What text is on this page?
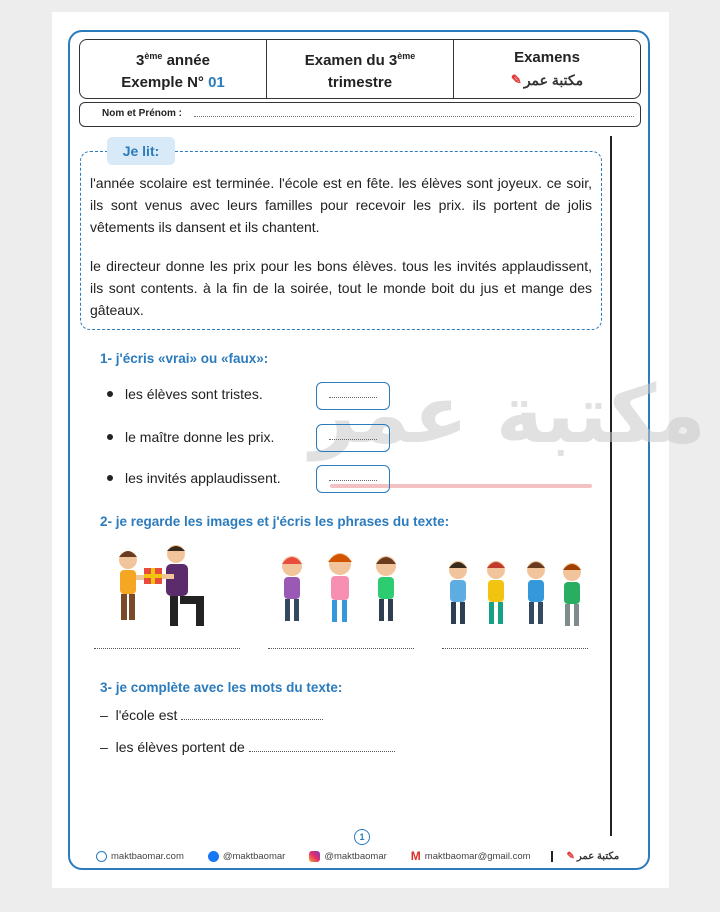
3ème année
Exemple N° 01
Examen du 3ème
trimestre
Examens
✎ مكتبة عمر
Nom et Prénom :
Je lit:
l'année scolaire est terminée. l'école est en fête. les élèves sont joyeux. ce soir, ils sont venus avec leurs familles pour recevoir les prix. ils portent de jolis vêtements ils dansent et ils chantent.
le directeur donne les prix pour les bons élèves. tous les invités applaudissent, ils sont contents. à la fin de la soirée, tout le monde boit du jus et mange des gâteaux.
مكتبة عمر
1- j'écris «vrai» ou «faux»:
les élèves sont tristes.
le maître donne les prix.
les invités applaudissent.
2- je regarde les images et j'écris les phrases du texte:
3- je complète avec les mots du texte:
– l'école est
– les élèves portent de
1
maktbaomar.com	@maktbaomar	@maktbaomar M maktbaomar@gmail.com	✎ مكتبة عمر
